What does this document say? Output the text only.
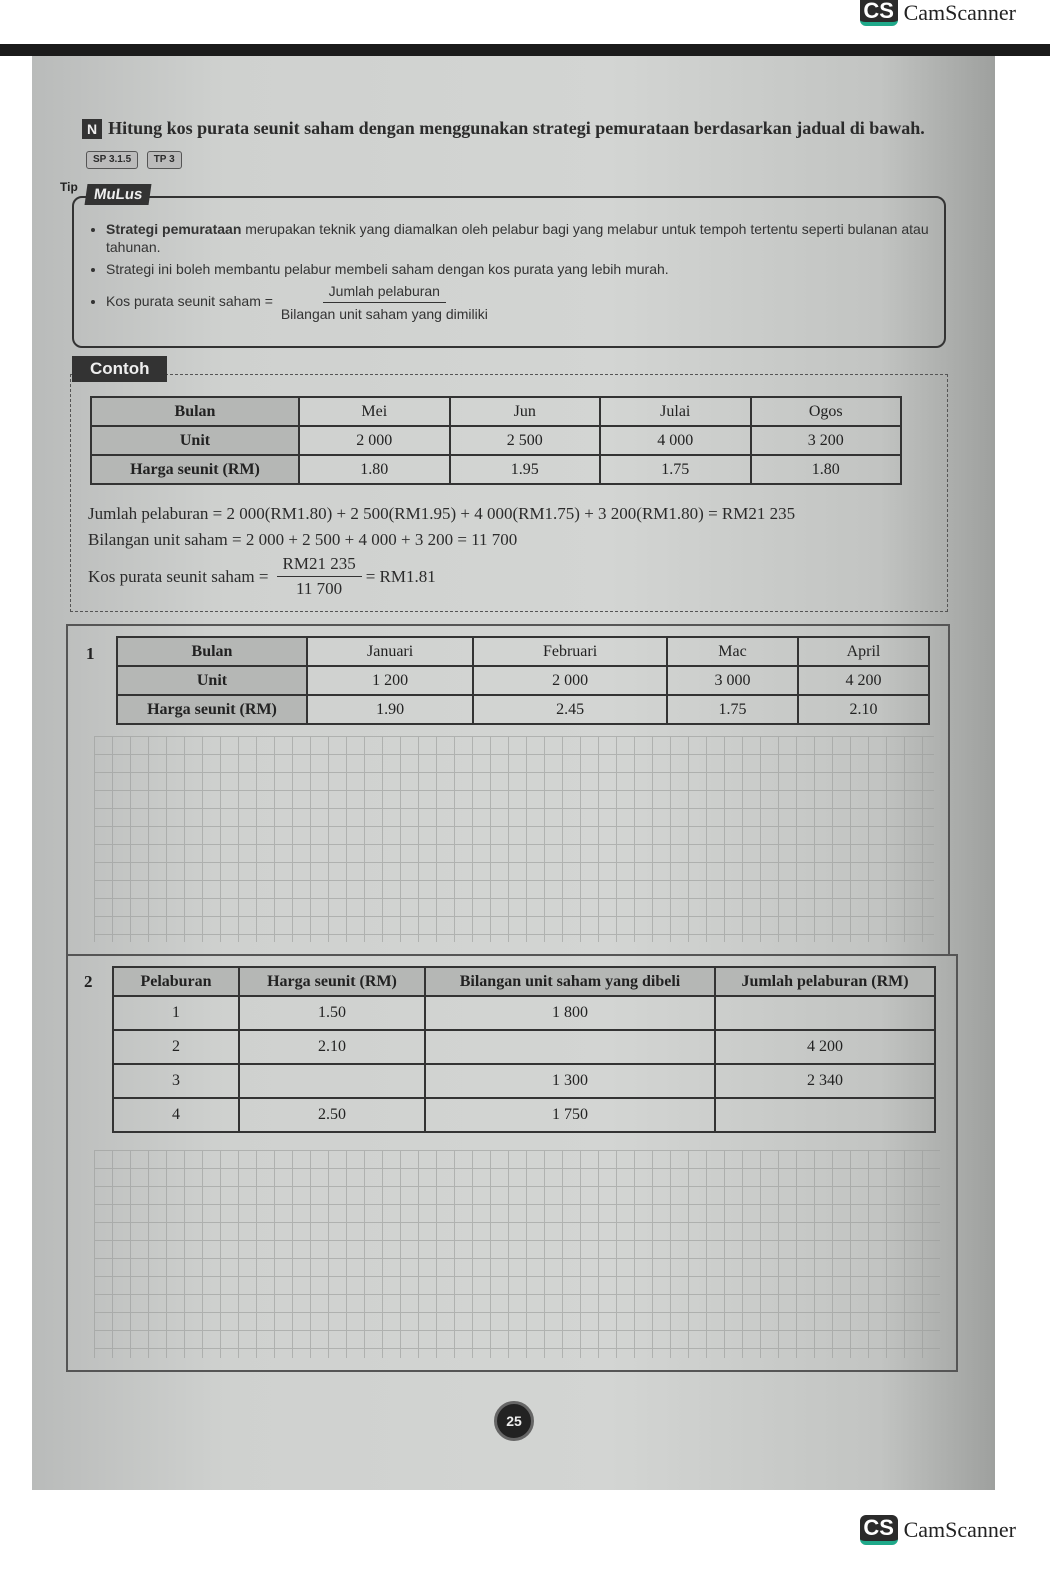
CS CamScanner
N Hitung kos purata seunit saham dengan menggunakan strategi pemurataan berdasarkan jadual di bawah. SP 3.1.5 TP 3
Tip
• Strategi pemurataan merupakan teknik yang diamalkan oleh pelabur bagi yang melabur untuk tempoh tertentu seperti bulanan atau tahunan.
• Strategi ini boleh membantu pelabur membeli saham dengan kos purata yang lebih murah.
• Kos purata seunit saham = $\frac{\text{Jumlah pelaburan}}{\text{Bilangan unit saham yang dimiliki}}$
MuLus
Contoh
Bulan	Mei	Jun	Julai	Ogos
Unit	2 000	2 500	4 000	3 200
Harga seunit (RM)	1.80	1.95	1.75	1.80
Jumlah pelaburan = 2 000(RM1.80) + 2 500(RM1.95) + 4 000(RM1.75) + 3 200(RM1.80) = RM21 235
Bilangan unit saham = 2 000 + 2 500 + 4 000 + 3 200 = 11 700
Kos purata seunit saham = $\frac{RM21 235}{11 700} = RM1.81$
1	Bulan	Januari	Februari	Mac	April
Unit	1 200	2 000	3 000	4 200
Harga seunit (RM)	1.90	2.45	1.75	2.10
2	Pelaburan	Harga seunit (RM)	Bilangan unit saham yang dibeli	Jumlah pelaburan (RM)
1	1.50	1 800	
2	2.10		4 200
3		1 300	2 340
4	2.50	1 750	
25
CS CamScanner
